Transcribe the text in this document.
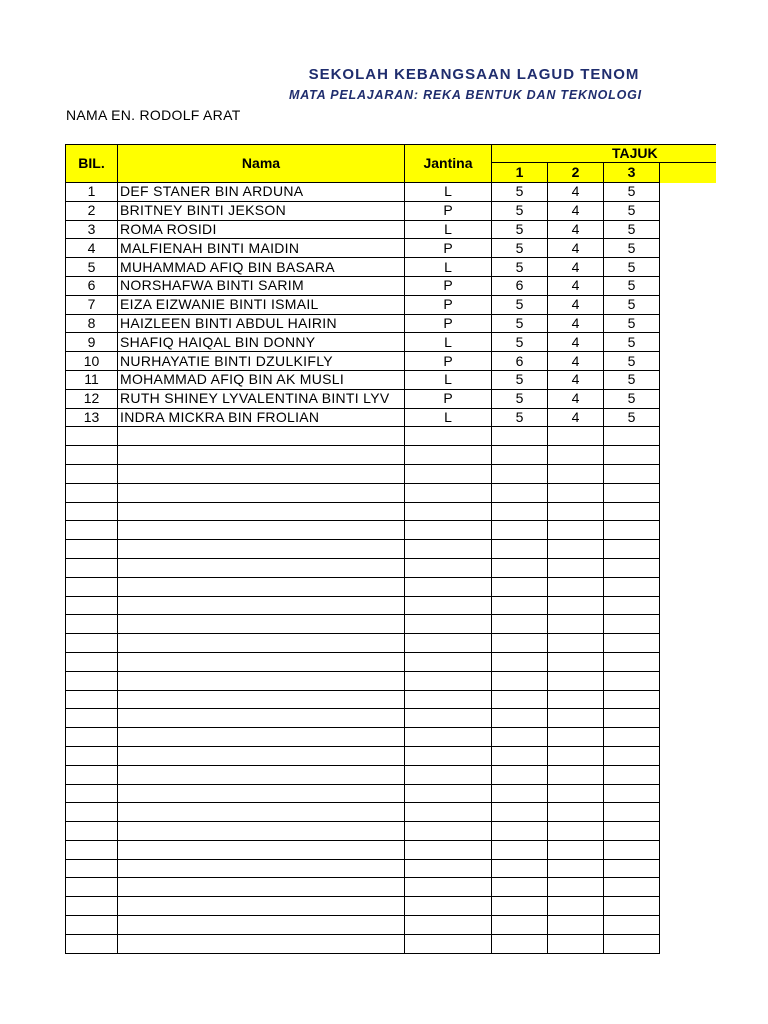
SEKOLAH KEBANGSAAN LAGUD TENOM
MATA PELAJARAN: REKA BENTUK DAN TEKNOLOGI
NAMA EN. RODOLF ARAT
BIL.	Nama	Jantina	TAJUK			
			1	2	3	
1	DEF STANER BIN ARDUNA	L	5	4	5	
2	BRITNEY BINTI JEKSON	P	5	4	5	
3	ROMA ROSIDI	L	5	4	5	
4	MALFIENAH BINTI MAIDIN	P	5	4	5	
5	MUHAMMAD AFIQ BIN BASARA	L	5	4	5	
6	NORSHAFWA BINTI SARIM	P	6	4	5	
7	EIZA EIZWANIE BINTI ISMAIL	P	5	4	5	
8	HAIZLEEN BINTI ABDUL HAIRIN	P	5	4	5	
9	SHAFIQ HAIQAL BIN DONNY	L	5	4	5	
10	NURHAYATIE BINTI DZULKIFLY	P	6	4	5	
11	MOHAMMAD AFIQ BIN AK MUSLI	L	5	4	5	
12	RUTH SHINEY LYVALENTINA BINTI LYV	P	5	4	5	
13	INDRA MICKRA BIN FROLIAN	L	5	4	5	
